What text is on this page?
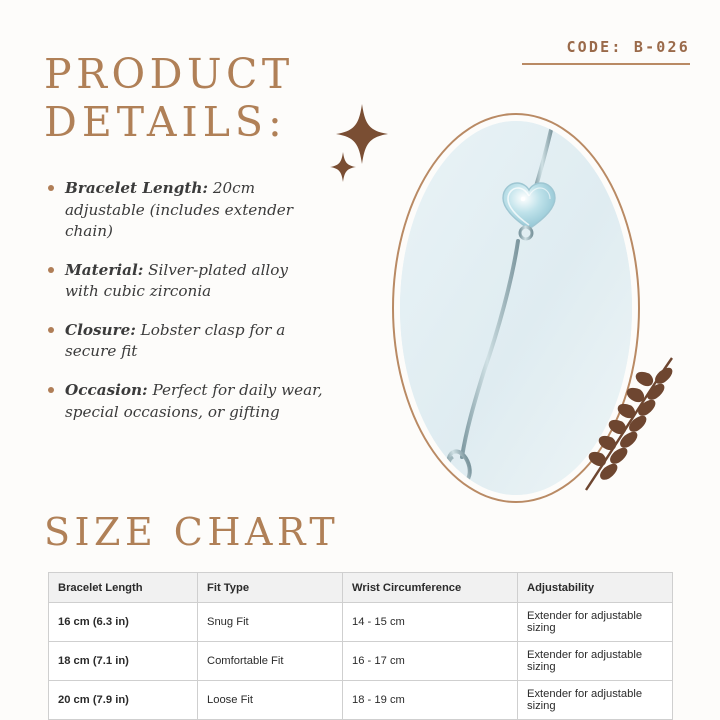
CODE: B-026
PRODUCT
DETAILS:
Bracelet Length: 20cm adjustable (includes extender chain)
Material: Silver-plated alloy with cubic zirconia
Closure: Lobster clasp for a secure fit
Occasion: Perfect for daily wear, special occasions, or gifting
SIZE CHART
Bracelet Length	Fit Type	Wrist Circumference	Adjustability
16 cm (6.3 in)	Snug Fit	14 - 15 cm	Extender for adjustable sizing
18 cm (7.1 in)	Comfortable Fit	16 - 17 cm	Extender for adjustable sizing
20 cm (7.9 in)	Loose Fit	18 - 19 cm	Extender for adjustable sizing
